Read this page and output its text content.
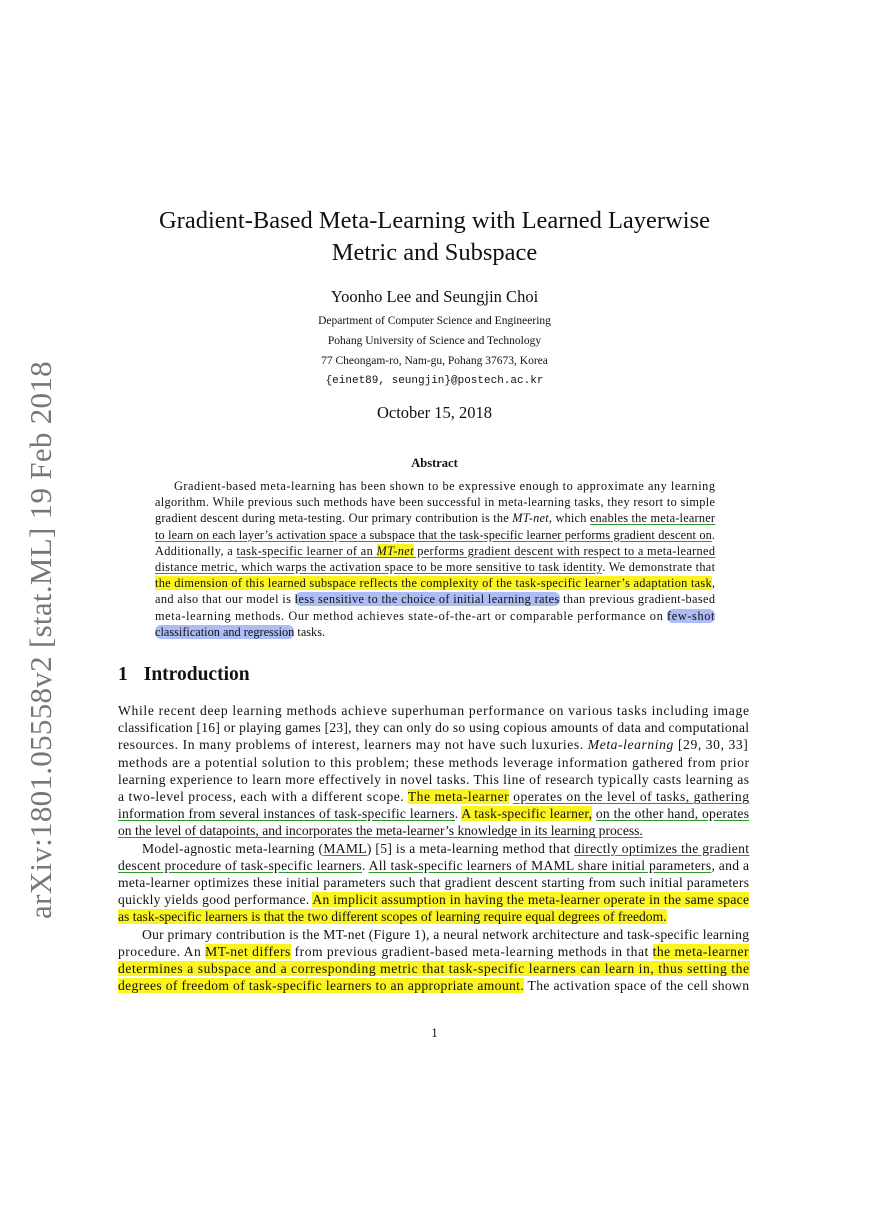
arXiv:1801.05558v2 [stat.ML] 19 Feb 2018
Gradient-Based Meta-Learning with Learned Layerwise
Metric and Subspace
Yoonho Lee and Seungjin Choi
Department of Computer Science and Engineering
Pohang University of Science and Technology
77 Cheongam-ro, Nam-gu, Pohang 37673, Korea
{einet89, seungjin}@postech.ac.kr
October 15, 2018
Abstract
Gradient-based meta-learning has been shown to be expressive enough to approximate any learning
algorithm. While previous such methods have been successful in meta-learning tasks, they resort to simple
gradient descent during meta-testing. Our primary contribution is the MT-net, which enables the meta-learner
to learn on each layer’s activation space a subspace that the task-specific learner performs gradient descent on.
Additionally, a task-specific learner of an MT-net performs gradient descent with respect to a meta-learned
distance metric, which warps the activation space to be more sensitive to task identity. We demonstrate that
the dimension of this learned subspace reflects the complexity of the task-specific learner’s adaptation task,
and also that our model is less sensitive to the choice of initial learning rates than previous gradient-based
meta-learning methods. Our method achieves state-of-the-art or comparable performance on few-shot
classification and regression tasks.
1 Introduction
While recent deep learning methods achieve superhuman performance on various tasks including image
classification [16] or playing games [23], they can only do so using copious amounts of data and computational
resources. In many problems of interest, learners may not have such luxuries. Meta-learning [29, 30, 33]
methods are a potential solution to this problem; these methods leverage information gathered from prior
learning experience to learn more effectively in novel tasks. This line of research typically casts learning as
a two-level process, each with a different scope. The meta-learner operates on the level of tasks, gathering
information from several instances of task-specific learners. A task-specific learner, on the other hand, operates
on the level of datapoints, and incorporates the meta-learner’s knowledge in its learning process.
Model-agnostic meta-learning (MAML) [5] is a meta-learning method that directly optimizes the gradient
descent procedure of task-specific learners. All task-specific learners of MAML share initial parameters, and a
meta-learner optimizes these initial parameters such that gradient descent starting from such initial parameters
quickly yields good performance. An implicit assumption in having the meta-learner operate in the same space
as task-specific learners is that the two different scopes of learning require equal degrees of freedom.
Our primary contribution is the MT-net (Figure 1), a neural network architecture and task-specific learning
procedure. An MT-net differs from previous gradient-based meta-learning methods in that the meta-learner
determines a subspace and a corresponding metric that task-specific learners can learn in, thus setting the
degrees of freedom of task-specific learners to an appropriate amount. The activation space of the cell shown
1
